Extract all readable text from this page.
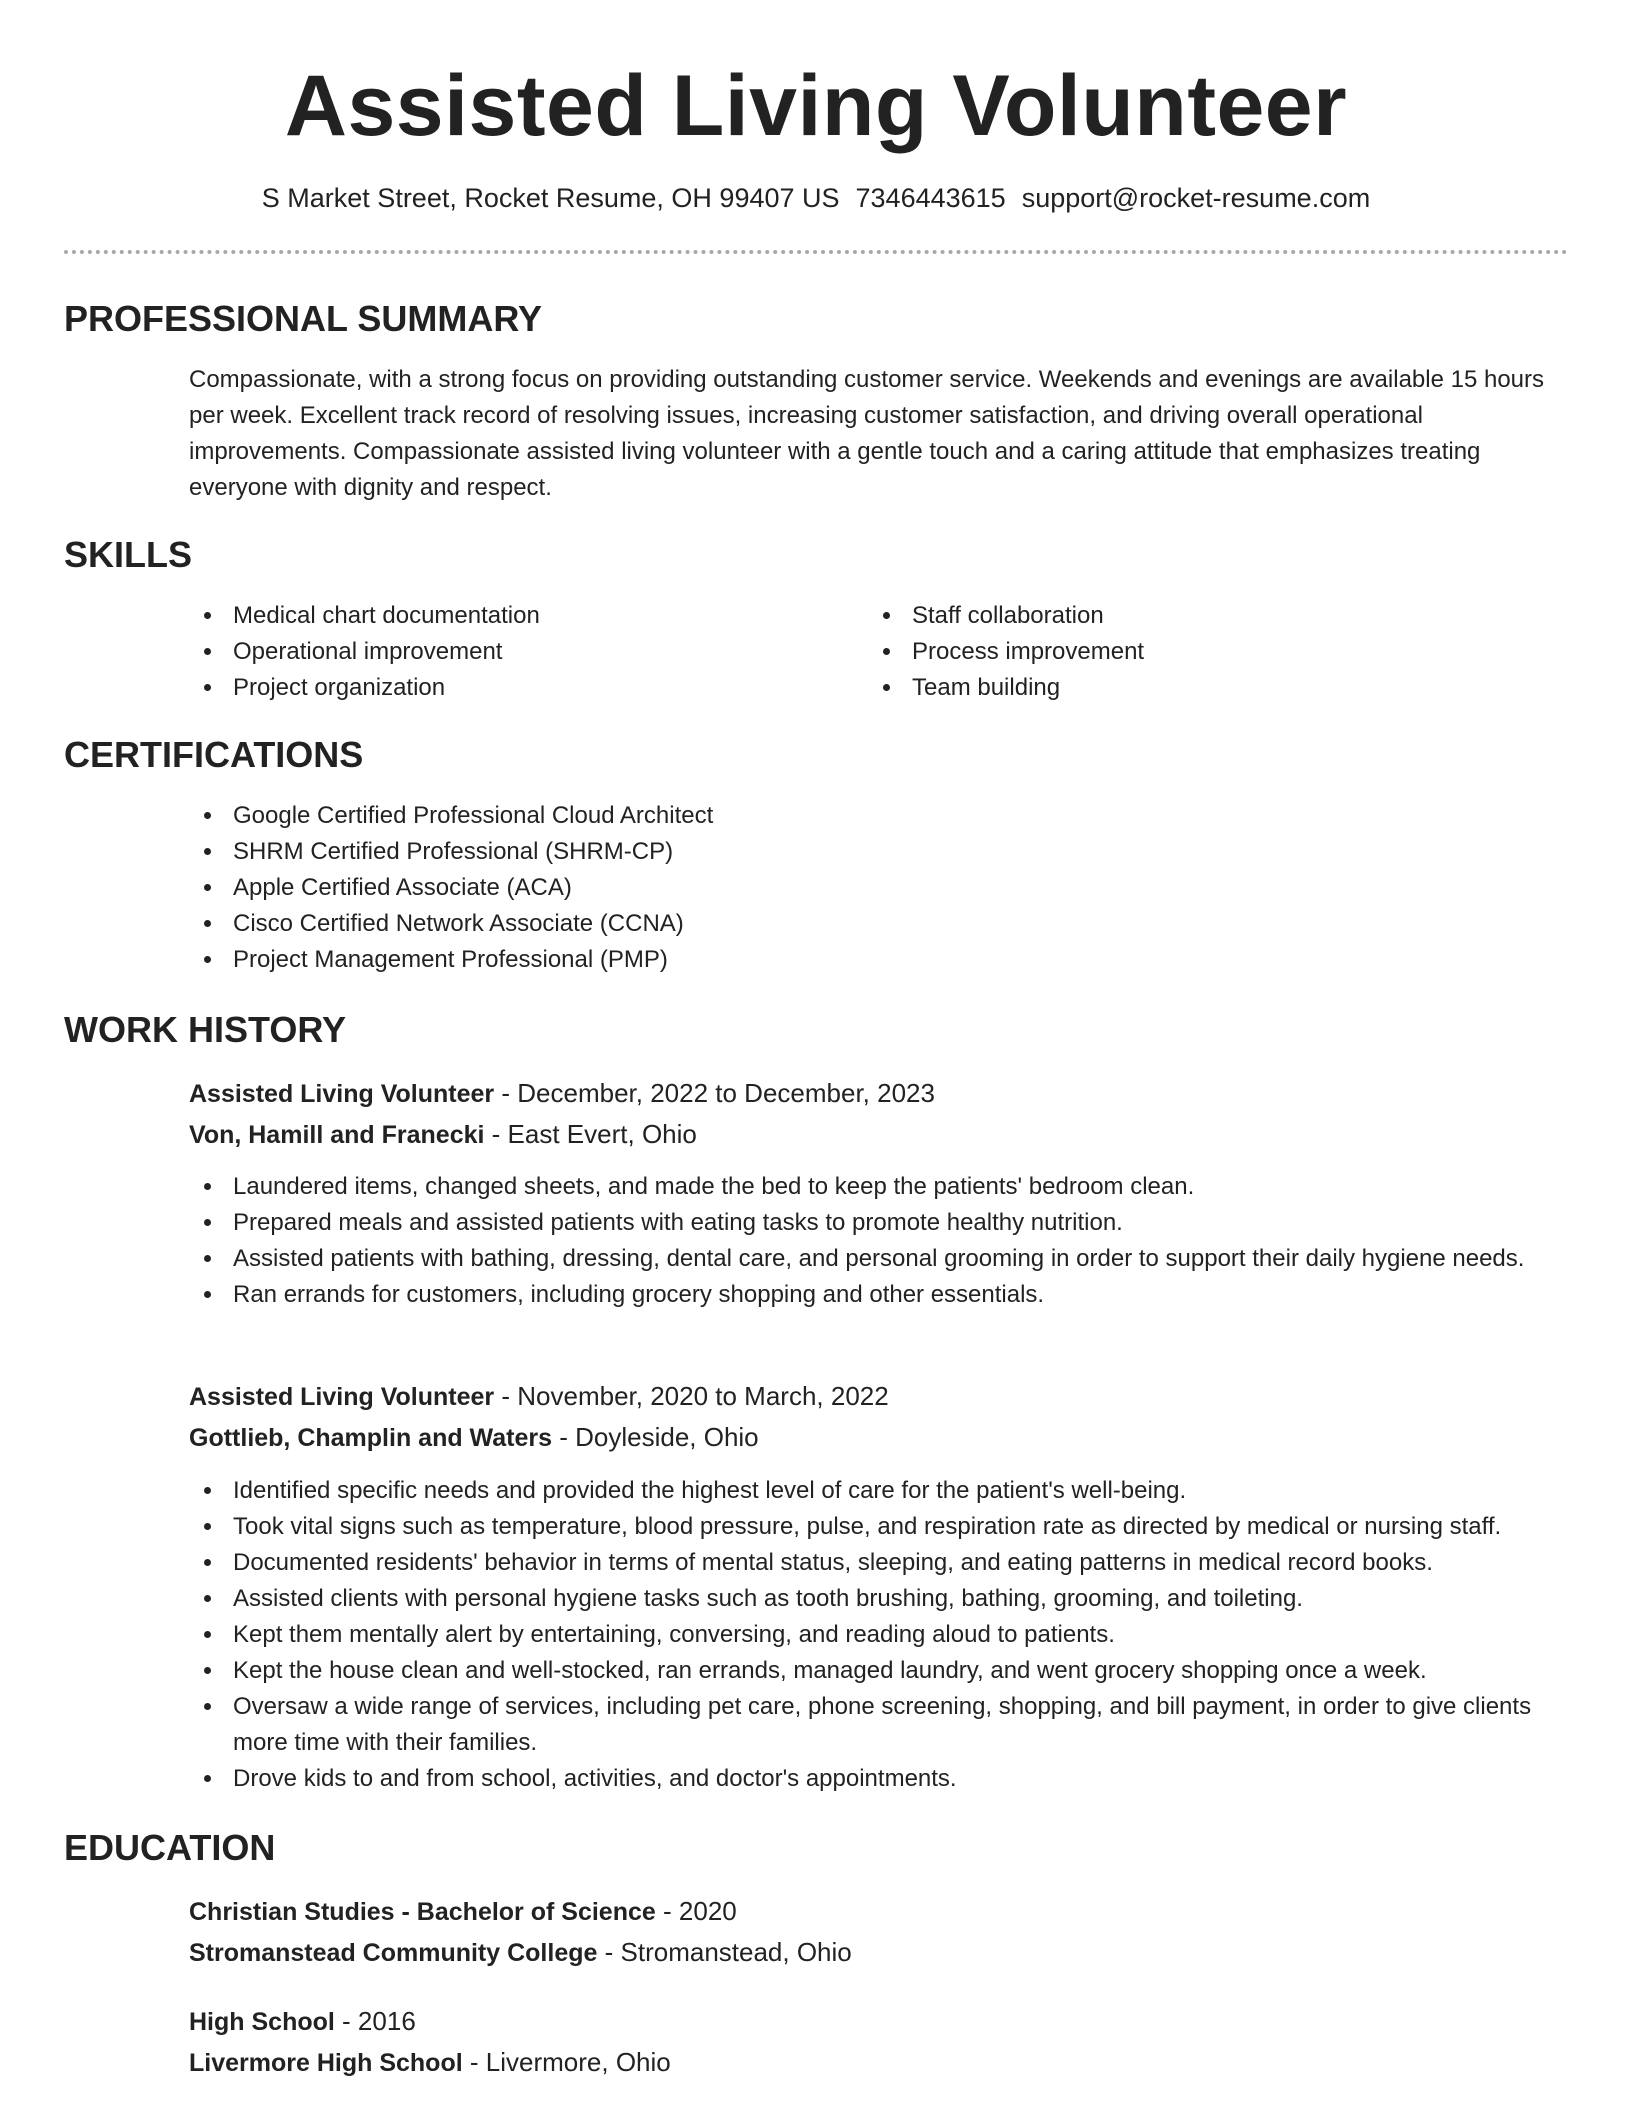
Assisted Living Volunteer
S Market Street, Rocket Resume, OH 99407 US 7346443615 support@rocket-resume.com
PROFESSIONAL SUMMARY

Compassionate, with a strong focus on providing outstanding customer service. Weekends and evenings are available 15 hours per week. Excellent track record of resolving issues, increasing customer satisfaction, and driving overall operational improvements. Compassionate assisted living volunteer with a gentle touch and a caring attitude that emphasizes treating everyone with dignity and respect.

SKILLS
Medical chart documentation
Operational improvement
Project organization
Staff collaboration
Process improvement
Team building
CERTIFICATIONS
Google Certified Professional Cloud Architect
SHRM Certified Professional (SHRM-CP)
Apple Certified Associate (ACA)
Cisco Certified Network Associate (CCNA)
Project Management Professional (PMP)
WORK HISTORY
Assisted Living Volunteer - December, 2022 to December, 2023
Von, Hamill and Franecki - East Evert, Ohio
Laundered items, changed sheets, and made the bed to keep the patients' bedroom clean.
Prepared meals and assisted patients with eating tasks to promote healthy nutrition.
Assisted patients with bathing, dressing, dental care, and personal grooming in order to support their daily hygiene needs.
Ran errands for customers, including grocery shopping and other essentials.
Assisted Living Volunteer - November, 2020 to March, 2022
Gottlieb, Champlin and Waters - Doyleside, Ohio
Identified specific needs and provided the highest level of care for the patient's well-being.
Took vital signs such as temperature, blood pressure, pulse, and respiration rate as directed by medical or nursing staff.
Documented residents' behavior in terms of mental status, sleeping, and eating patterns in medical record books.
Assisted clients with personal hygiene tasks such as tooth brushing, bathing, grooming, and toileting.
Kept them mentally alert by entertaining, conversing, and reading aloud to patients.
Kept the house clean and well-stocked, ran errands, managed laundry, and went grocery shopping once a week.
Oversaw a wide range of services, including pet care, phone screening, shopping, and bill payment, in order to give clients more time with their families.
Drove kids to and from school, activities, and doctor's appointments.
EDUCATION
Christian Studies - Bachelor of Science - 2020
Stromanstead Community College - Stromanstead, Ohio
High School - 2016
Livermore High School - Livermore, Ohio
